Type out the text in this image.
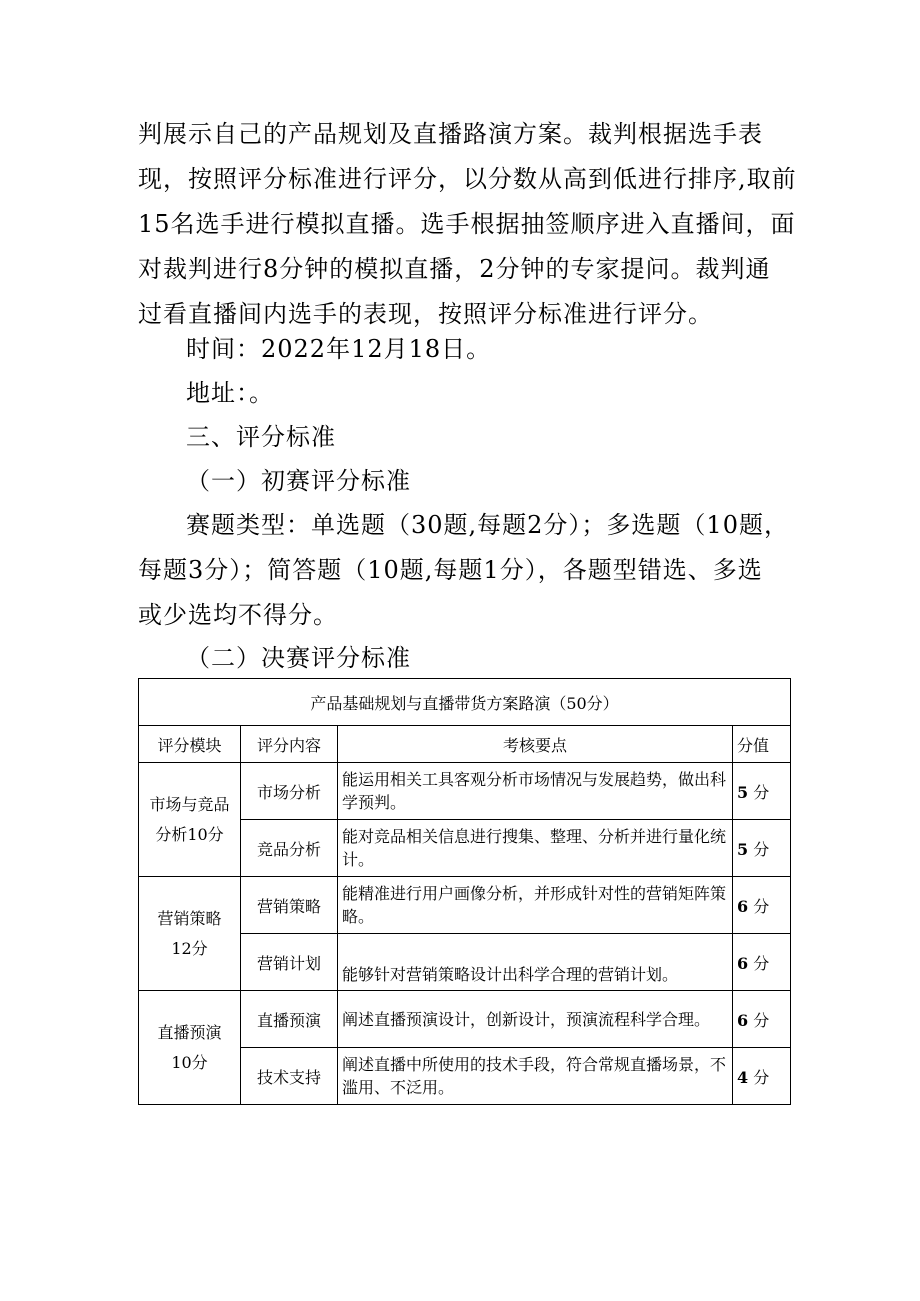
判展示自己的产品规划及直播路演方案。裁判根据选手表
现，按照评分标准进行评分，以分数从高到低进行排序,取前
15名选手进行模拟直播。选手根据抽签顺序进入直播间，面
对裁判进行8分钟的模拟直播，2分钟的专家提问。裁判通
过看直播间内选手的表现，按照评分标准进行评分。

时间：2022年12月18日。

地址：。

三、评分标准

（一）初赛评分标准

赛题类型：单选题（30题,每题2分）；多选题（10题，
每题3分）；简答题（10题,每题1分），各题型错选、多选
或少选均不得分。

（二）决赛评分标准

产品基础规划与直播带货方案路演（50分）			
评分模块	评分内容	考核要点	分值
市场与竞品
分析10分	市场分析	能运用相关工具客观分析市场情况与发展趋势，做出科学预判。	5 分
	竞品分析	能对竞品相关信息进行搜集、整理、分析并进行量化统计。	5 分
营销策略
12分	营销策略	能精准进行用户画像分析，并形成针对性的营销矩阵策略。	6 分
	营销计划	能够针对营销策略设计出科学合理的营销计划。	6 分
直播预演
10分	直播预演	阐述直播预演设计，创新设计，预演流程科学合理。	6 分
	技术支持	阐述直播中所使用的技术手段，符合常规直播场景，不滥用、不泛用。	4 分
